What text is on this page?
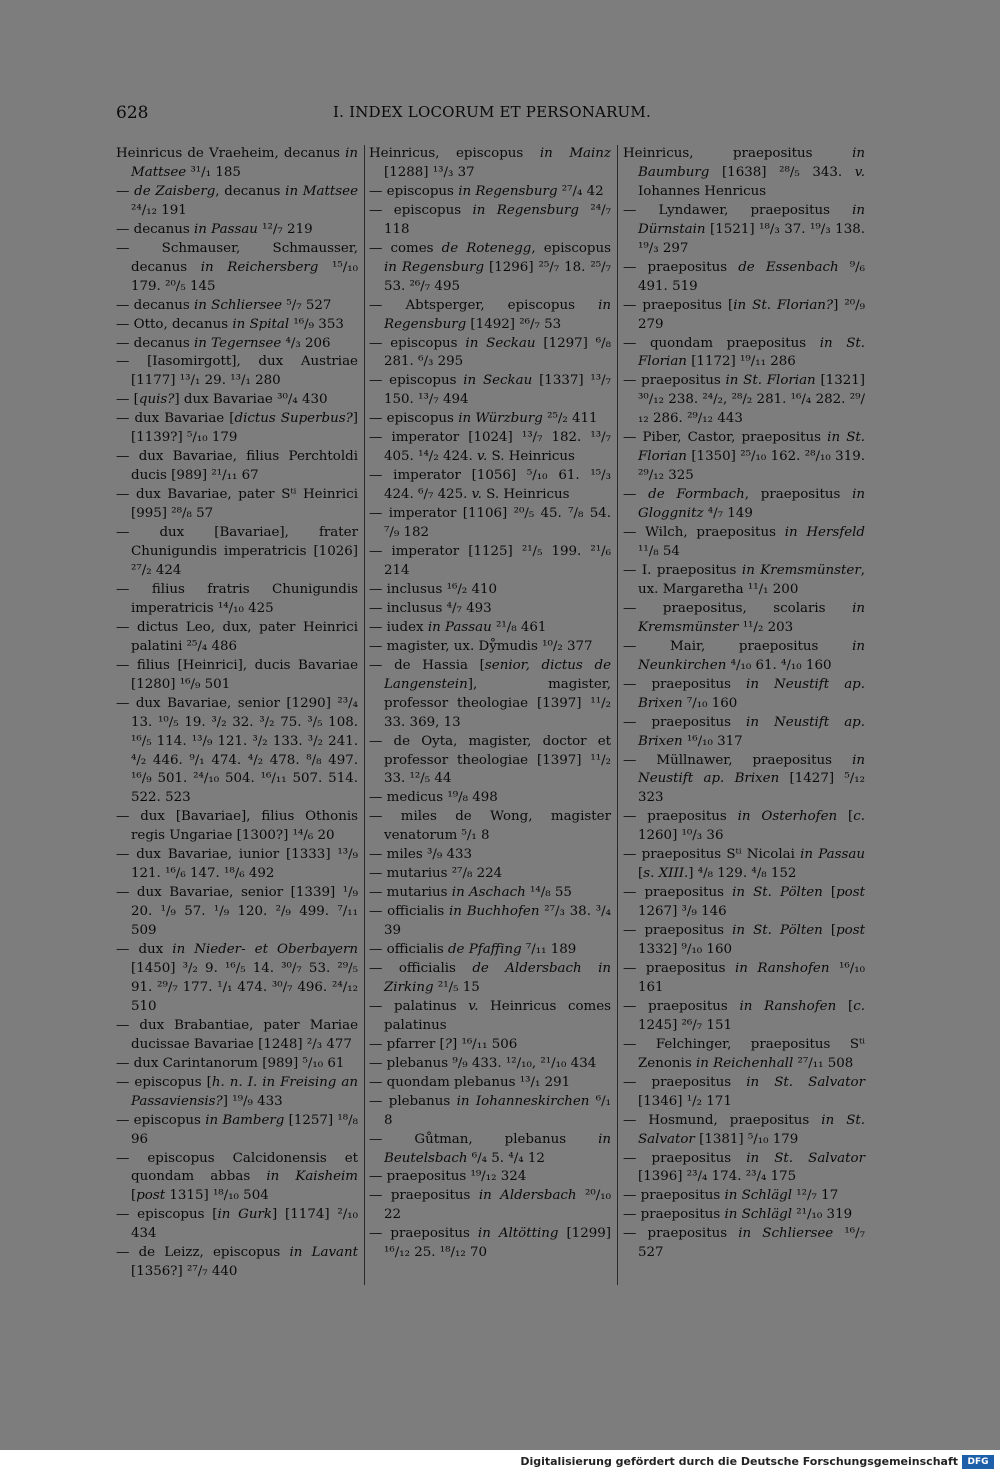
628	I. INDEX LOCORUM ET PERSONARUM.

Heinricus de Vraeheim, decanus in Mattsee ³¹/₁ 185

— de Zaisberg, decanus in Mattsee ²⁴/₁₂ 191

— decanus in Passau ¹²/₇ 219

— Schmauser, Schmausser, decanus in Reichersberg ¹⁵/₁₀ 179. ²⁰/₅ 145

— decanus in Schliersee ⁵/₇ 527

— Otto, decanus in Spital ¹⁶/₉ 353

— decanus in Tegernsee ⁴/₃ 206

— [Iasomirgott], dux Austriae [1177] ¹³/₁ 29. ¹³/₁ 280

— [quis?] dux Bavariae ³⁰/₄ 430

— dux Bavariae [dictus Superbus?] [1139?] ⁵/₁₀ 179

— dux Bavariae, filius Perchtoldi ducis [989] ²¹/₁₁ 67

— dux Bavariae, pater Sᵗⁱ Heinrici [995] ²⁸/₈ 57

— dux [Bavariae], frater Chunigundis imperatricis [1026] ²⁷/₂ 424

— filius fratris Chunigundis imperatricis ¹⁴/₁₀ 425

— dictus Leo, dux, pater Heinrici palatini ²⁵/₄ 486

— filius [Heinrici], ducis Bavariae [1280] ¹⁶/₉ 501

— dux Bavariae, senior [1290] ²³/₄ 13. ¹⁰/₅ 19. ³/₂ 32. ³/₂ 75. ³/₅ 108. ¹⁶/₅ 114. ¹³/₉ 121. ³/₂ 133. ³/₂ 241. ⁴/₂ 446. ⁹/₁ 474. ⁴/₂ 478. ⁸/₈ 497. ¹⁶/₉ 501. ²⁴/₁₀ 504. ¹⁶/₁₁ 507. 514. 522. 523

— dux [Bavariae], filius Othonis regis Ungariae [1300?] ¹⁴/₆ 20

— dux Bavariae, iunior [1333] ¹³/₉ 121. ¹⁶/₆ 147. ¹⁸/₆ 492

— dux Bavariae, senior [1339] ¹/₉ 20. ¹/₉ 57. ¹/₉ 120. ²/₉ 499. ⁷/₁₁ 509

— dux in Nieder- et Oberbayern [1450] ³/₂ 9. ¹⁶/₅ 14. ³⁰/₇ 53. ²⁹/₅ 91. ²⁹/₇ 177. ¹/₁ 474. ³⁰/₇ 496. ²⁴/₁₂ 510

— dux Brabantiae, pater Mariae ducissae Bavariae [1248] ²/₃ 477

— dux Carintanorum [989] ⁵/₁₀ 61

— episcopus [h. n. I. in Freising an Passaviensis?] ¹⁹/₉ 433

— episcopus in Bamberg [1257] ¹⁸/₈ 96

— episcopus Calcidonensis et quondam abbas in Kaisheim [post 1315] ¹⁸/₁₀ 504

— episcopus [in Gurk] [1174] ²/₁₀ 434

— de Leizz, episcopus in Lavant [1356?] ²⁷/₇ 440

Heinricus, episcopus in Mainz [1288] ¹³/₃ 37

— episcopus in Regensburg ²⁷/₄ 42

— episcopus in Regensburg ²⁴/₇ 118

— comes de Rotenegg, episcopus in Regensburg [1296] ²⁵/₇ 18. ²⁵/₇ 53. ²⁶/₇ 495

— Abtsperger, episcopus in Regensburg [1492] ²⁶/₇ 53

— episcopus in Seckau [1297] ⁶/₈ 281. ⁶/₃ 295

— episcopus in Seckau [1337] ¹³/₇ 150. ¹³/₇ 494

— episcopus in Würzburg ²⁵/₂ 411

— imperator [1024] ¹³/₇ 182. ¹³/₇ 405. ¹⁴/₂ 424. v. S. Heinricus

— imperator [1056] ⁵/₁₀ 61. ¹⁵/₃ 424. ⁶/₇ 425. v. S. Heinricus

— imperator [1106] ²⁰/₅ 45. ⁷/₈ 54. ⁷/₉ 182

— imperator [1125] ²¹/₅ 199. ²¹/₆ 214

— inclusus ¹⁶/₂ 410

— inclusus ⁴/₇ 493

— iudex in Passau ²¹/₈ 461

— magister, ux. Dẙmudis ¹⁰/₂ 377

— de Hassia [senior, dictus de Langenstein], magister, professor theologiae [1397] ¹¹/₂ 33. 369, 13

— de Oyta, magister, doctor et professor theologiae [1397] ¹¹/₂ 33. ¹²/₅ 44

— medicus ¹⁹/₈ 498

— miles de Wong, magister venatorum ⁵/₁ 8

— miles ³/₉ 433

— mutarius ²⁷/₈ 224

— mutarius in Aschach ¹⁴/₈ 55

— officialis in Buchhofen ²⁷/₃ 38. ³/₄ 39

— officialis de Pfaffing ⁷/₁₁ 189

— officialis de Aldersbach in Zirking ²¹/₅ 15

— palatinus v. Heinricus comes palatinus

— pfarrer [?] ¹⁶/₁₁ 506

— plebanus ⁹/₉ 433. ¹²/₁₀, ²¹/₁₀ 434

— quondam plebanus ¹³/₁ 291

— plebanus in Iohanneskirchen ⁶/₁ 8

— Gůtman, plebanus in Beutelsbach ⁶/₄ 5. ⁴/₄ 12

— praepositus ¹⁹/₁₂ 324

— praepositus in Aldersbach ²⁰/₁₀ 22

— praepositus in Altötting [1299] ¹⁶/₁₂ 25. ¹⁸/₁₂ 70

Heinricus, praepositus in Baumburg [1638] ²⁸/₅ 343. v. Iohannes Henricus

— Lyndawer, praepositus in Dürnstain [1521] ¹⁸/₃ 37. ¹⁹/₃ 138. ¹⁹/₃ 297

— praepositus de Essenbach ⁹/₆ 491. 519

— praepositus [in St. Florian?] ²⁰/₉ 279

— quondam praepositus in St. Florian [1172] ¹⁹/₁₁ 286

— praepositus in St. Florian [1321] ³⁰/₁₂ 238. ²⁴/₂, ²⁸/₂ 281. ¹⁶/₄ 282. ²⁹/₁₂ 286. ²⁹/₁₂ 443

— Piber, Castor, praepositus in St. Florian [1350] ²⁵/₁₀ 162. ²⁸/₁₀ 319. ²⁹/₁₂ 325

— de Formbach, praepositus in Gloggnitz ⁴/₇ 149

— Wilch, praepositus in Hersfeld ¹¹/₈ 54

— I. praepositus in Kremsmünster, ux. Margaretha ¹¹/₁ 200

— praepositus, scolaris in Kremsmünster ¹¹/₂ 203

— Mair, praepositus in Neunkirchen ⁴/₁₀ 61. ⁴/₁₀ 160

— praepositus in Neustift ap. Brixen ⁷/₁₀ 160

— praepositus in Neustift ap. Brixen ¹⁶/₁₀ 317

— Müllnawer, praepositus in Neustift ap. Brixen [1427] ⁵/₁₂ 323

— praepositus in Osterhofen [c. 1260] ¹⁰/₃ 36

— praepositus Sᵗⁱ Nicolai in Passau [s. XIII.] ⁴/₈ 129. ⁴/₈ 152

— praepositus in St. Pölten [post 1267] ³/₉ 146

— praepositus in St. Pölten [post 1332] ⁹/₁₀ 160

— praepositus in Ranshofen ¹⁶/₁₀ 161

— praepositus in Ranshofen [c. 1245] ²⁶/₇ 151

— Felchinger, praepositus Sᵗⁱ Zenonis in Reichenhall ²⁷/₁₁ 508

— praepositus in St. Salvator [1346] ¹/₂ 171

— Hosmund, praepositus in St. Salvator [1381] ⁵/₁₀ 179

— praepositus in St. Salvator [1396] ²³/₄ 174. ²³/₄ 175

— praepositus in Schlägl ¹²/₇ 17

— praepositus in Schlägl ²¹/₁₀ 319

— praepositus in Schliersee ¹⁶/₇ 527

Digitalisierung gefördert durch die Deutsche Forschungsgemeinschaft	DFG
